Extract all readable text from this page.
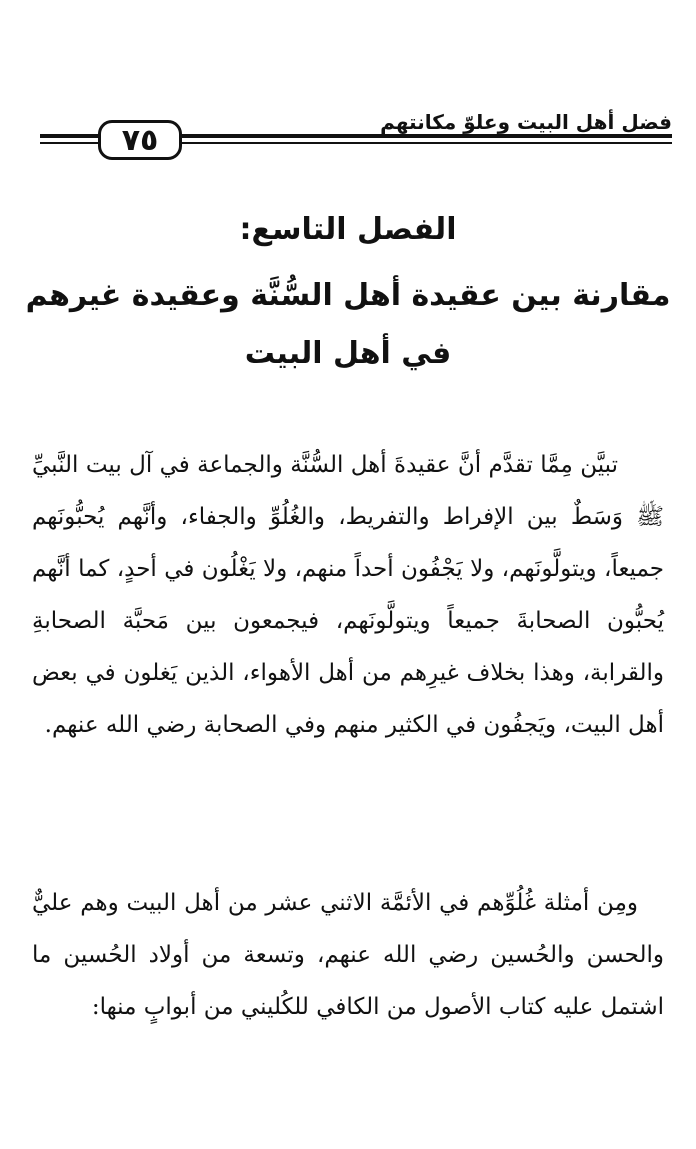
٧٥
فضل أهل البيت وعلوّ مكانتهم
الفصل التاسع:
مقارنة بين عقيدة أهل السُّنَّة وعقيدة غيرهم
في أهل البيت

تبيَّن مِمَّا تقدَّم أنَّ عقيدةَ أهل السُّنَّة والجماعة في آل بيت النَّبيِّ ﷺ وَسَطٌ بين الإفراط والتفريط، والغُلُوِّ والجفاء، وأنَّهم يُحبُّونَهم جميعاً، ويتولَّونَهم، ولا يَجْفُون أحداً منهم، ولا يَغْلُون في أحدٍ، كما أنَّهم يُحبُّون الصحابةَ جميعاً ويتولَّونَهم، فيجمعون بين مَحبَّة الصحابةِ والقرابة، وهذا بخلاف غيرِهم من أهل الأهواء، الذين يَغلون في بعض أهل البيت، ويَجفُون في الكثير منهم وفي الصحابة رضي الله عنهم.

ومِن أمثلة غُلُوِّهم في الأئمَّة الاثني عشر من أهل البيت وهم عليٌّ والحسن والحُسين رضي الله عنهم، وتسعة من أولاد الحُسين ما اشتمل عليه كتاب الأصول من الكافي للكُليني من أبوابٍ منها:
